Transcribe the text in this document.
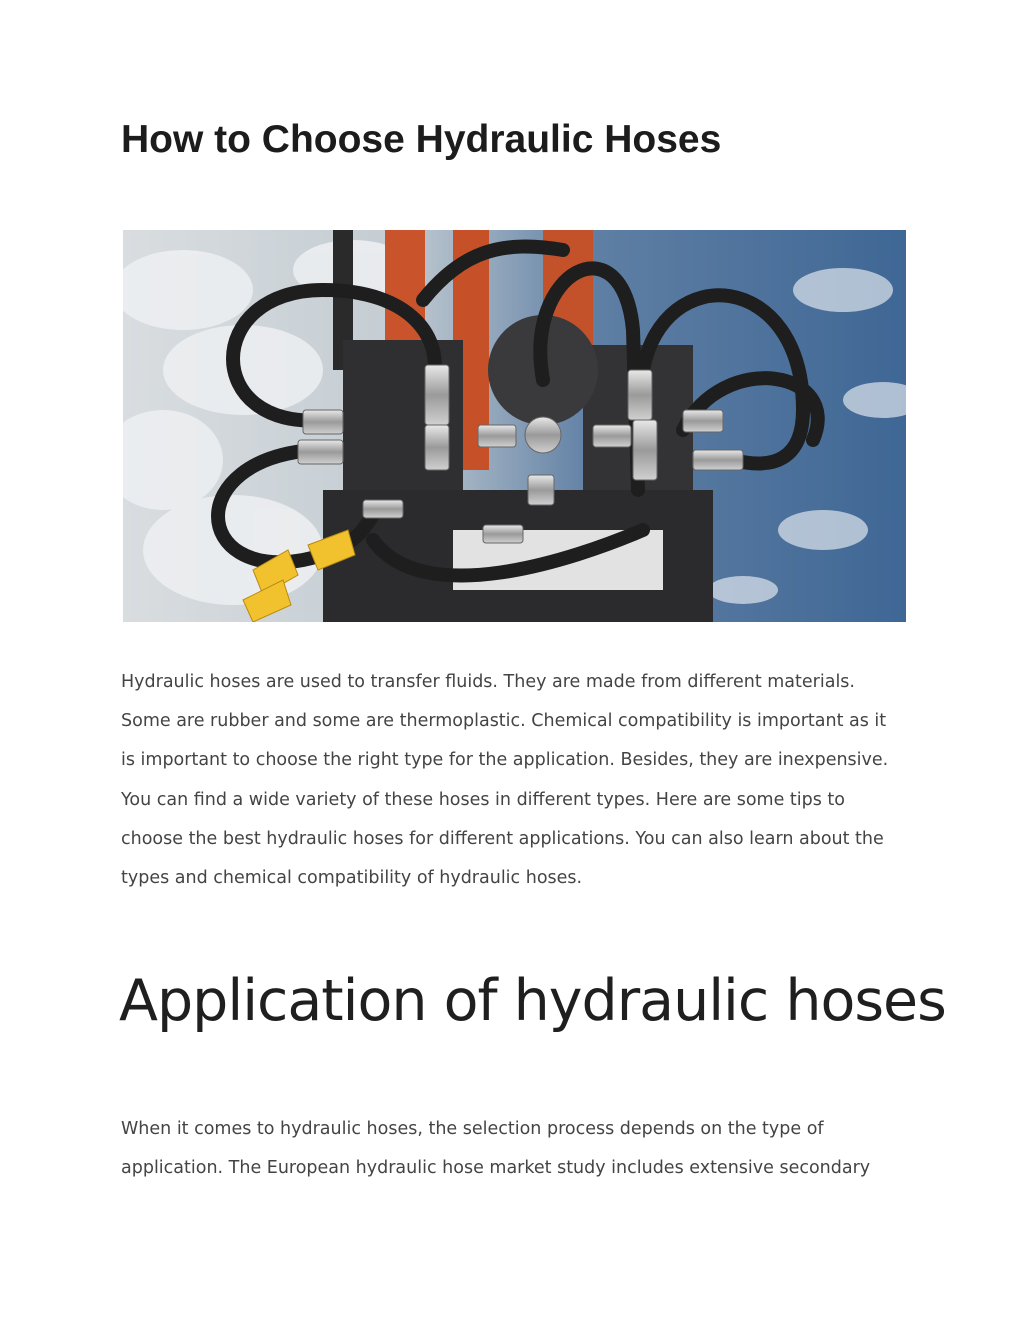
How to Choose Hydraulic Hoses

Hydraulic hoses are used to transfer fluids. They are made from different materials.
Some are rubber and some are thermoplastic. Chemical compatibility is important as it
is important to choose the right type for the application. Besides, they are inexpensive.
You can find a wide variety of these hoses in different types. Here are some tips to
choose the best hydraulic hoses for different applications. You can also learn about the
types and chemical compatibility of hydraulic hoses.

Application of hydraulic hoses

When it comes to hydraulic hoses, the selection process depends on the type of
application. The European hydraulic hose market study includes extensive secondary
